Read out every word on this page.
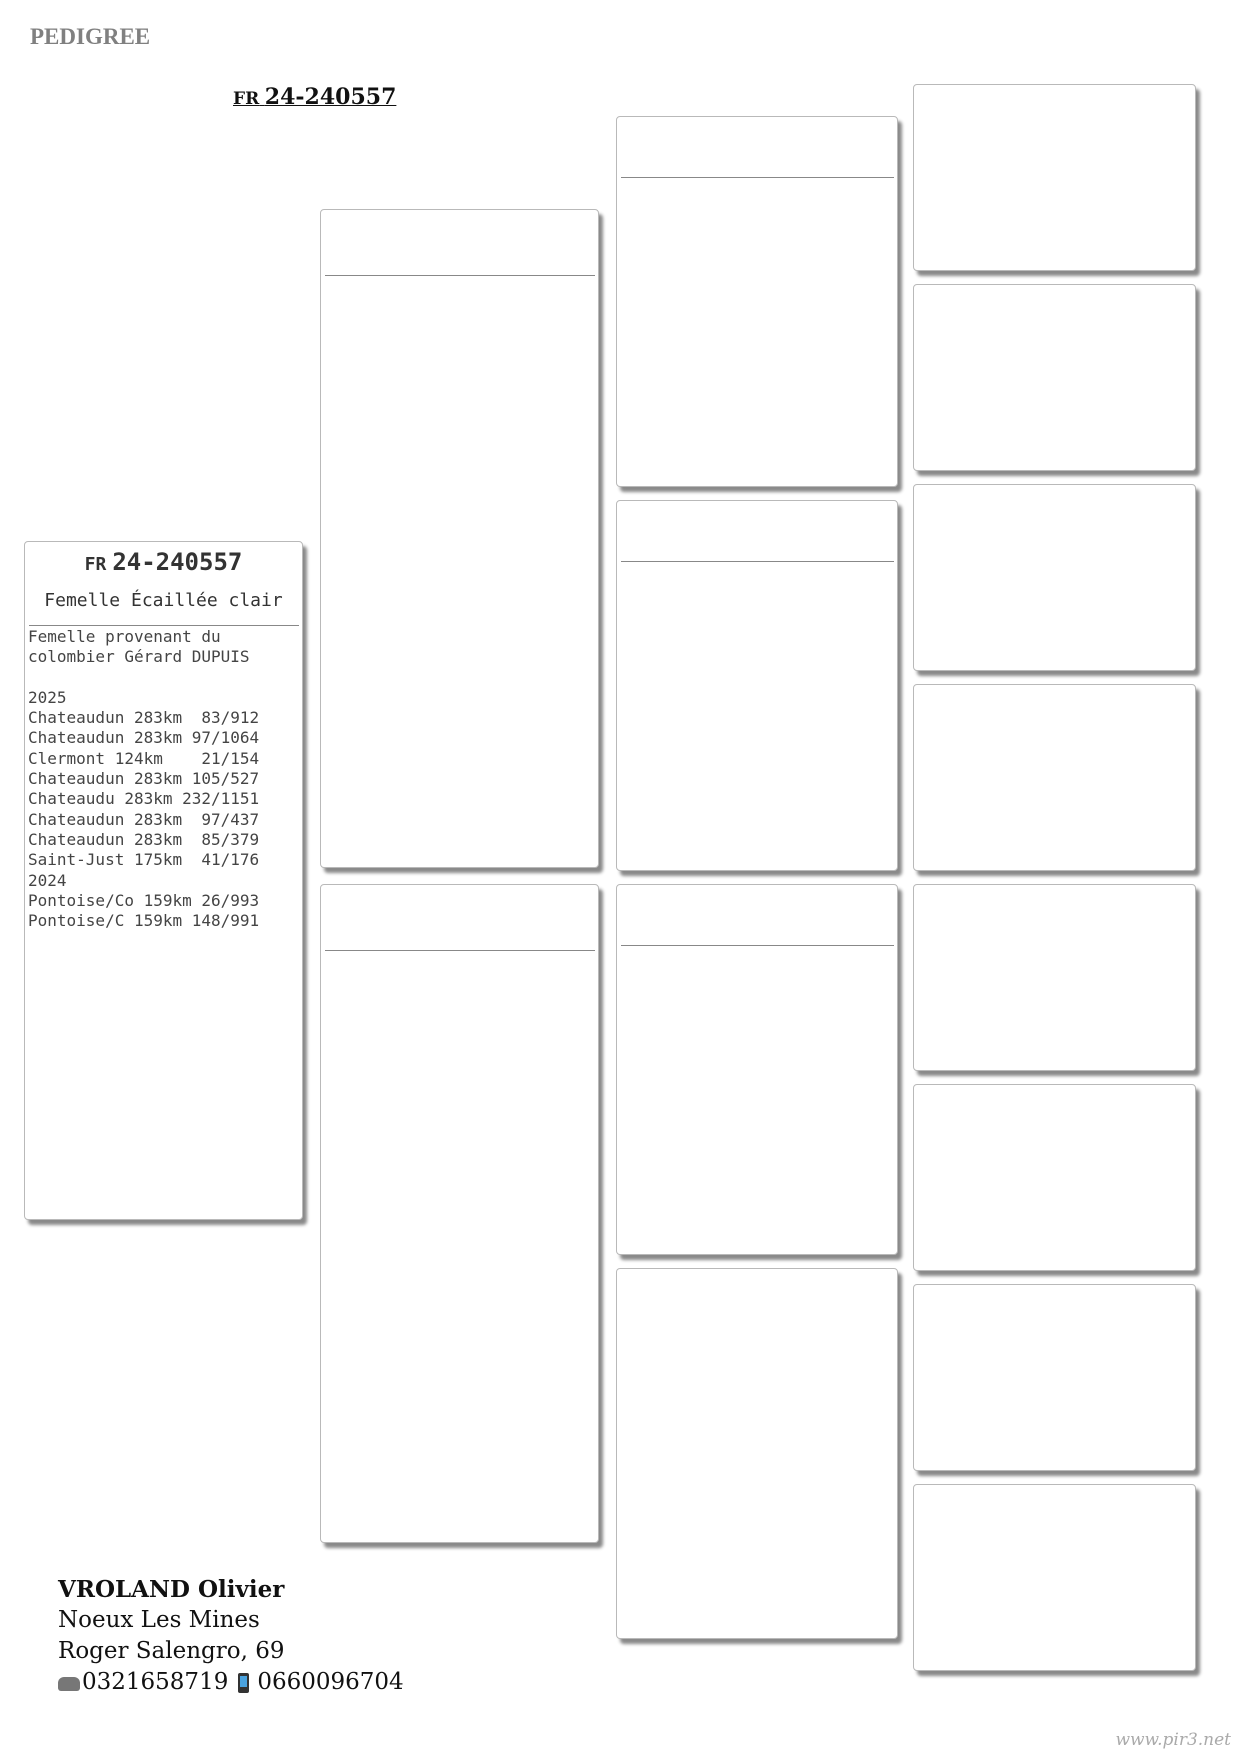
PEDIGREE
FR 24-240557
FR 24-240557
Femelle Écaillée clair
Femelle provenant du
colombier Gérard DUPUIS

2025
Chateaudun 283km  83/912
Chateaudun 283km 97/1064
Clermont 124km    21/154
Chateaudun 283km 105/527
Chateaudu 283km 232/1151
Chateaudun 283km  97/437
Chateaudun 283km  85/379
Saint-Just 175km  41/176
2024
Pontoise/Co 159km 26/993
Pontoise/C 159km 148/991
VROLAND Olivier
Noeux Les Mines
Roger Salengro, 69
0321658719 0660096704
www.pir3.net
